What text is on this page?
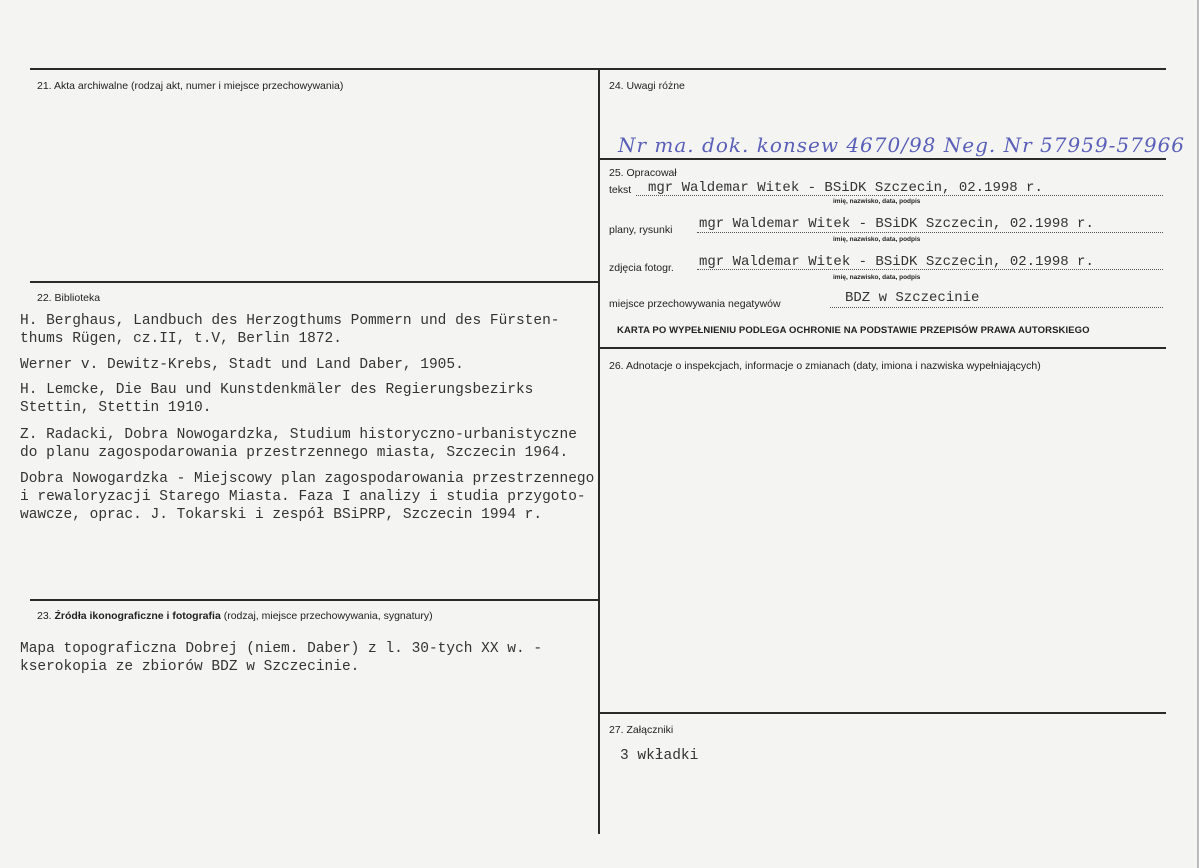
21. Akta archiwalne (rodzaj akt, numer i miejsce przechowywania)
22. Biblioteka
H. Berghaus, Landbuch des Herzogthums Pommern und des Fürsten-
thums Rügen, cz.II, t.V, Berlin 1872.
Werner v. Dewitz-Krebs, Stadt und Land Daber, 1905.
H. Lemcke, Die Bau und Kunstdenkmäler des Regierungsbezirks
Stettin, Stettin 1910.
Z. Radacki, Dobra Nowogardzka, Studium historyczno-urbanistyczne
do planu zagospodarowania przestrzennego miasta, Szczecin 1964.
Dobra Nowogardzka - Miejscowy plan zagospodarowania przestrzennego
i rewaloryzacji Starego Miasta. Faza I analizy i studia przygoto-
wawcze, oprac. J. Tokarski i zespół BSiPRP, Szczecin 1994 r.
23. Źródła ikonograficzne i fotografia (rodzaj, miejsce przechowywania, sygnatury)
Mapa topograficzna Dobrej (niem. Daber) z l. 30-tych XX w. -
kserokopia ze zbiorów BDZ w Szczecinie.
24. Uwagi różne
Nr ma. dok. konsew 4670/98 Neg. Nr 57959-57966
25. Opracował
tekst mgr Waldemar Witek - BSiDK Szczecin, 02.1998 r.
imię, nazwisko, data, podpis
plany, rysunki mgr Waldemar Witek - BSiDK Szczecin, 02.1998 r.
imię, nazwisko, data, podpis
zdjęcia fotogr. mgr Waldemar Witek - BSiDK Szczecin, 02.1998 r.
imię, nazwisko, data, podpis
miejsce przechowywania negatywów	BDZ w Szczecinie
KARTA PO WYPEŁNIENIU PODLEGA OCHRONIE NA PODSTAWIE PRZEPISÓW PRAWA AUTORSKIEGO
26. Adnotacje o inspekcjach, informacje o zmianach (daty, imiona i nazwiska wypełniających)
27. Załączniki
3 wkładki
